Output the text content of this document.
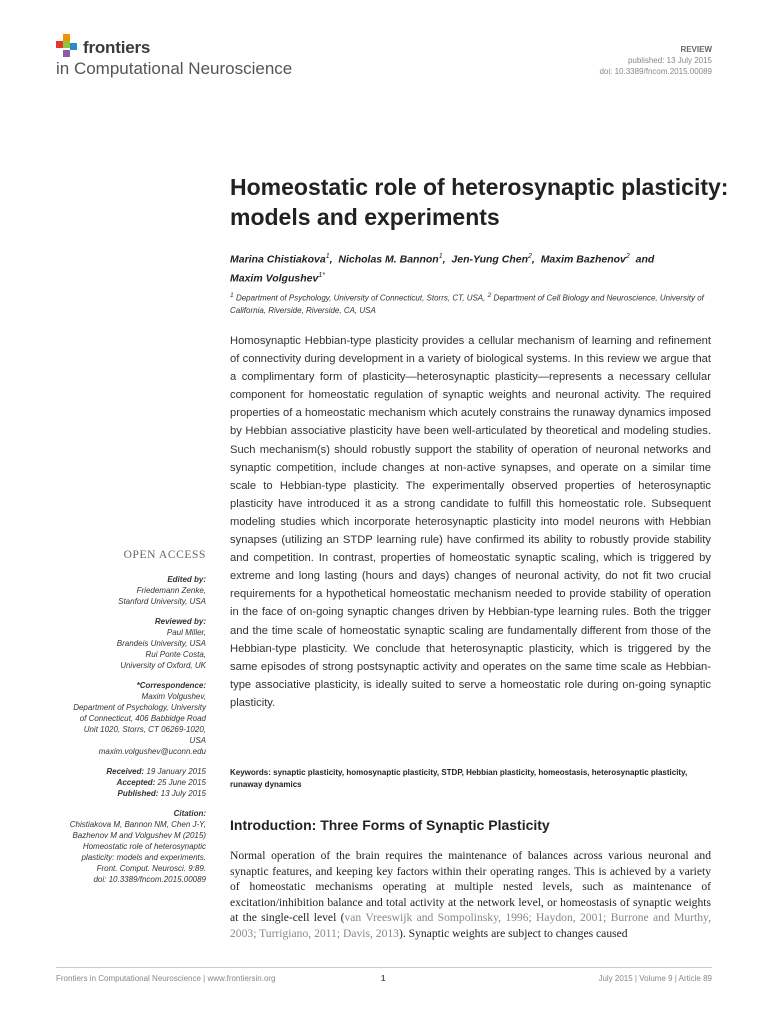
frontiers
in Computational Neuroscience
REVIEW
published: 13 July 2015
doi: 10.3389/fncom.2015.00089
Homeostatic role of heterosynaptic plasticity: models and experiments
Marina Chistiakova$^1$,  Nicholas M. Bannon$^1$,  Jen-Yung Chen$^2$,  Maxim Bazhenov$^2$ and
Maxim Volgushev$^{1*}$
$^1$ Department of Psychology, University of Connecticut, Storrs, CT, USA, $^2$ Department of Cell Biology and Neuroscience, University of California, Riverside, Riverside, CA, USA

Homosynaptic Hebbian-type plasticity provides a cellular mechanism of learning and refinement of connectivity during development in a variety of biological systems. In this review we argue that a complimentary form of plasticity—heterosynaptic plasticity—represents a necessary cellular component for homeostatic regulation of synaptic weights and neuronal activity. The required properties of a homeostatic mechanism which acutely constrains the runaway dynamics imposed by Hebbian associative plasticity have been well-articulated by theoretical and modeling studies. Such mechanism(s) should robustly support the stability of operation of neuronal networks and synaptic competition, include changes at non-active synapses, and operate on a similar time scale to Hebbian-type plasticity. The experimentally observed properties of heterosynaptic plasticity have introduced it as a strong candidate to fulfill this homeostatic role. Subsequent modeling studies which incorporate heterosynaptic plasticity into model neurons with Hebbian synapses (utilizing an STDP learning rule) have confirmed its ability to robustly provide stability and competition. In contrast, properties of homeostatic synaptic scaling, which is triggered by extreme and long lasting (hours and days) changes of neuronal activity, do not fit two crucial requirements for a hypothetical homeostatic mechanism needed to provide stability of operation in the face of on-going synaptic changes driven by Hebbian-type learning rules. Both the trigger and the time scale of homeostatic synaptic scaling are fundamentally different from those of the Hebbian-type plasticity. We conclude that heterosynaptic plasticity, which is triggered by the same episodes of strong postsynaptic activity and operates on the same time scale as Hebbian-type associative plasticity, is ideally suited to serve a homeostatic role during on-going synaptic plasticity.

Keywords: synaptic plasticity, homosynaptic plasticity, STDP, Hebbian plasticity, homeostasis, heterosynaptic plasticity, runaway dynamics
Introduction: Three Forms of Synaptic Plasticity

Normal operation of the brain requires the maintenance of balances across various neuronal and synaptic features, and keeping key factors within their operating ranges. This is achieved by a variety of homeostatic mechanisms operating at multiple nested levels, such as maintenance of excitation/inhibition balance and total activity at the network level, or homeostasis of synaptic weights at the single-cell level (van Vreeswijk and Sompolinsky, 1996; Haydon, 2001; Burrone and Murthy, 2003; Turrigiano, 2011; Davis, 2013). Synaptic weights are subject to changes caused

OPEN ACCESS
Edited by:
Friedemann Zenke,
Stanford University, USA
Reviewed by:
Paul Miller,
Brandeis University, USA
Rui Ponte Costa,
University of Oxford, UK
*Correspondence:
Maxim Volgushev,
Department of Psychology, University
of Connecticut, 406 Babbidge Road
Unit 1020, Storrs, CT 06269-1020,
USA
maxim.volgushev@uconn.edu
Received: 19 January 2015
Accepted: 25 June 2015
Published: 13 July 2015
Citation:
Chistiakova M, Bannon NM, Chen J-Y,
Bazhenov M and Volgushev M (2015)
Homeostatic role of heterosynaptic
plasticity: models and experiments.
Front. Comput. Neurosci. 9:89.
doi: 10.3389/fncom.2015.00089
Frontiers in Computational Neuroscience | www.frontiersin.org	1	July 2015 | Volume 9 | Article 89
